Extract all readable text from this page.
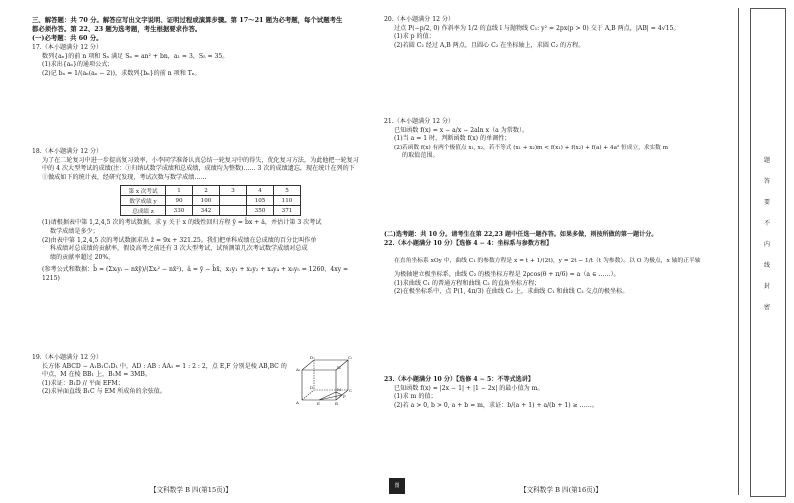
三、解答题：共 70 分。解答应写出文字说明、证明过程或演算步骤。第 17～21 题为必考题，每个试题考生
都必须作答。第 22、23 题为选考题，考生根据要求作答。
(一)必考题：共 60 分。
17.（本小题满分 12 分）
数列{aₙ}的前 n 项和 Sₙ 满足 Sₙ = an² + bn，a₁ = 3，S₅ = 35。
(1)求出{aₙ}的通项公式；
(2)记 bₙ = 1/(aₙ(aₙ − 2))，求数列{bₙ}的前 n 项和 Tₙ。
18.（本小题满分 12 分）
为了在二轮复习中进一步提高复习效率，小李同学准备认真总结一轮复习中的得失，优化复习方法，为此他把一轮复习中的 4 次大型考试的成绩(注：①归纳试数学成绩和总成绩，成绩均为整数)…… 3 次的成绩遗忘，现在统计在列的下①做成如下的统计表，经研究发现，考试次数与数学成绩……
第 x 次考试	1	2	3	4	5
数学成绩 y	90	100		105	110
总成绩 z	330	342		350	371
(1)请根据表中第 1,2,4,5 次的考试数据，求 y 关于 x 的线性回归方程 ŷ = b̂x + â，并估计第 3 次考试
数学成绩是多少；
(2)由表中第 1,2,4,5 次的考试数据求出 ẑ = 9x + 321.25。我们把单科成绩在总成绩的百分比叫作单
科成绩对总成绩的贡献率，假设高考之前还有 3 次大型考试，试预测第几次考试数学成绩对总成
绩的贡献率超过 20%。
(参考公式和数据：b̂ = (Σxᵢyᵢ − nx̄ȳ)/(Σxᵢ² − nx̄²)，â = ȳ − b̂x̄，x₁y₁ + x₂y₂ + x₄y₄ + x₅y₅ = 1260，4xy = 1215)
19.（本小题满分 12 分）
长方体 ABCD − A₁B₁C₁D₁ 中，AD : AB : AA₁ = 1 : 2 : 2，点 E,F 分别是棱 AB,BC 的
中点，M 在棱 BB₁ 上，B₁M = 3MB。
(1)求证：B₁D // 平面 EFM；
(2)求异面直线 B₁C 与 EM 所成角的余弦值。
D₁	C₁
A₁	B₁
D
C
A	E
F
B
M
20.（本小题满分 12 分）
过点 P(−p/2, 0) 作斜率为 1/2 的直线 l 与抛物线 C₁: y² = 2px(p > 0) 交于 A,B 两点，|AB| = 4√15。
(1)求 p 的值；
(2)若圆 C₂ 经过 A,B 两点，且圆心 C₂ 在坐标轴上，求圆 C₂ 的方程。
21.（本小题满分 12 分）
已知函数 f(x) = x − a/x − 2aln x（a 为常数）。
(1)当 a = 1 时，判断函数 f(x) 的单调性；
(2)若函数 f(x) 有两个极值点 x₁, x₂，若不等式 (x₁ + x₂)m < f(x₁) + f(x₂) + f(a) + 4a² 恒成立，求实数 m
的取值范围。
(二)选考题：共 10 分。请考生在第 22,23 题中任选一题作答。如果多做，则按所做的第一题计分。
22.（本小题满分 10 分）【选修 4 − 4：坐标系与参数方程】
在直角坐标系 xOy 中，曲线 C₁ 的参数方程是 x = t + 1/(2t)，y = 2t − 1/t（t 为参数）。以 O 为极点，x 轴的正半轴
为极轴建立极坐标系，曲线 C₂ 的极坐标方程是 2ρcos(θ + π/6) = a（a ∈ ……）。
(1)求曲线 C₁ 的普通方程和曲线 C₂ 的直角坐标方程；
(2)在极坐标系中，点 P(1, 4π/3) 在曲线 C₂ 上，求曲线 C₁ 和曲线 C₂ 交点的极坐标。
23.（本小题满分 10 分）【选修 4 − 5：不等式选讲】
已知函数 f(x) = |2x − 1| + |1 − 2x| 的最小值为 m。
(1)求 m 的值；
(2)若 a > 0, b > 0, a + b = m，求证：b/(a + 1) + a/(b + 1) ≥ ……。
【文科数学 B 四(第15页)】	图	【文科数学 B 四(第16页)】
题
答
要
不
内
线
封
密
